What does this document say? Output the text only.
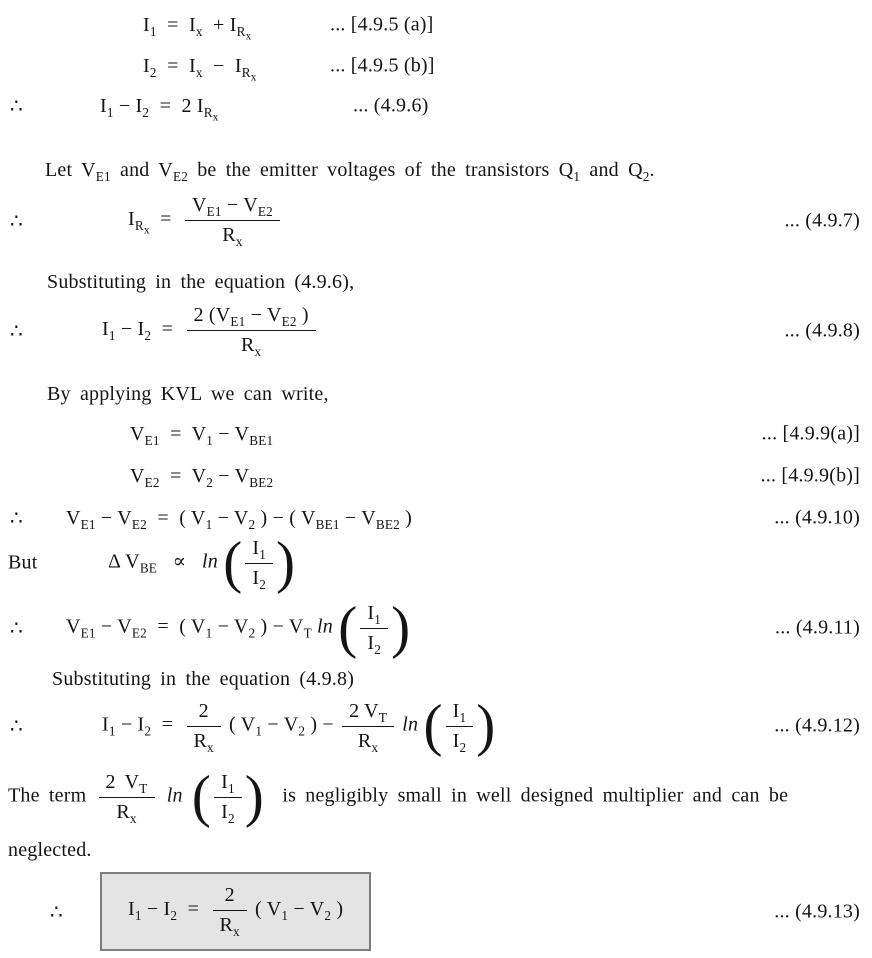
$I_1 = I_x + I_{R_x}$
... [4.9.5 (a)]
$I_2 = I_x - I_{R_x}$
... [4.9.5 (b)]
∴	$I_1 - I_2 = 2$ $I_{R_x}$
... (4.9.6)
Let $V_{E1}$ and $V_{E2}$ be the emitter voltages of the transistors $Q_1$ and $Q_2$.
∴	$I_{R_x} = \frac{V_{E1} - V_{E2}}{R_x}$	... (4.9.7)
Substituting in the equation (4.9.6),
∴	$I_1 - I_2 = \frac{2 (V_{E1} - V_{E2} )}{R_x}$	... (4.9.8)
By applying KVL we can write,
$V_{E1} = V_1 - V_{BE1}$	... [4.9.9(a)]
$V_{E2} = V_2 - V_{BE2}$	... [4.9.9(b)]
∴ $V_{E1} - V_{E2}$  =  ( $V_1 - V_2$ ) − ( $V_{BE1} - V_{BE2}$ )	... (4.9.10)
But	Δ $V_{BE} \propto \ln$ ( $\frac{I_1}{I_2}$ )
∴ $V_{E1} - V_{E2}$  =  ( $V_1 - V_2$ ) − $V_T$ ln ( $\frac{I_1}{I_2}$ )	... (4.9.11)
Substituting in the equation (4.9.8)
∴	$I_1 - I_2 = \frac{2}{R_x}$ ( $V_1 - V_2$ ) − $\frac{2 V_T}{R_x}$ ln ( $\frac{I_1}{I_2}$ )	... (4.9.12)
The term $\frac{2 V_T}{R_x}$ ln ( $\frac{I_1}{I_2}$ ) is negligibly small in well designed multiplier and can be
neglected.
∴	$I_1 - I_2 = \frac{2}{R_x}$ ( $V_1 - V_2$ )	... (4.9.13)
